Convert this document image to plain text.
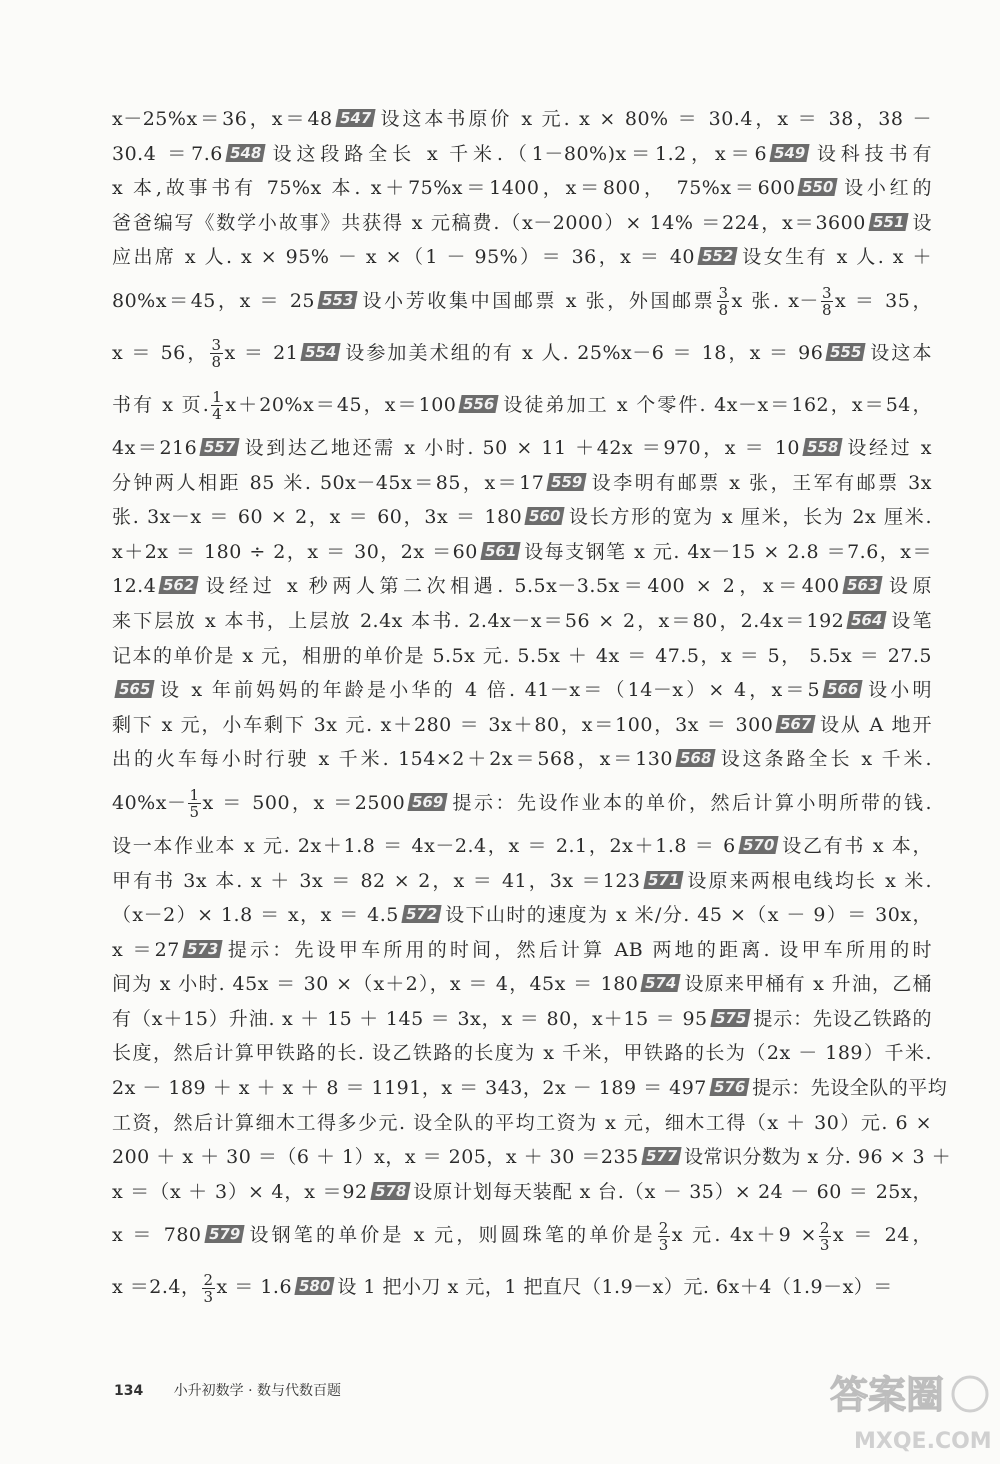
x－25%x＝36，x＝48 547 设这本书原价 x 元. x × 80% ＝ 30.4，x ＝ 38，38 －
30.4 ＝7.6 548 设这段路全长 x 千米.（1－80%)x＝1.2，x＝6 549 设科技书有
x 本,故事书有 75%x 本. x＋75%x＝1400，x＝800， 75%x＝600 550 设小红的
爸爸编写《数学小故事》共获得 x 元稿费.（x－2000）× 14% ＝224，x＝3600 551 设
应出席 x 人. x × 95% － x ×（1 － 95%）＝ 36，x ＝ 40 552 设女生有 x 人. x ＋
80%x＝45，x ＝ 25 553 设小芳收集中国邮票 x 张，外国邮票 $\frac{3}{8}$ x 张. $x- \frac{3}{8}$ x ＝ 35，
x ＝ 56， $\frac{3}{8}$ x ＝ 21 554 设参加美术组的有 x 人. 25%x－6 ＝ 18，x ＝ 96 555 设这本
书有 x 页. $\frac{1}{4} x+20\%x=45$，x＝100 556 设徒弟加工 x 个零件. 4x－x＝162，x＝54，
4x＝216 557 设到达乙地还需 x 小时. 50 × 11 ＋42x ＝970，x ＝ 10 558 设经过 x
分钟两人相距 85 米. 50x－45x＝85，x＝17 559 设李明有邮票 x 张，王军有邮票 3x
张. 3x－x ＝ 60 × 2，x ＝ 60，3x ＝ 180 560 设长方形的宽为 x 厘米，长为 2x 厘米.
x＋2x ＝ 180 ÷ 2，x ＝ 30，2x ＝60 561 设每支钢笔 x 元. 4x－15 × 2.8 ＝7.6，x＝
12.4 562 设经过 x 秒两人第二次相遇. 5.5x－3.5x＝400 × 2，x＝400 563 设原
来下层放 x 本书，上层放 2.4x 本书. 2.4x－x＝56 × 2，x＝80，2.4x＝192 564 设笔
记本的单价是 x 元，相册的单价是 5.5x 元. 5.5x ＋ 4x ＝ 47.5，x ＝ 5， 5.5x ＝ 27.5
565 设 x 年前妈妈的年龄是小华的 4 倍. 41－x＝（14－x）× 4，x＝5 566 设小明
剩下 x 元，小车剩下 3x 元. x＋280 ＝ 3x＋80，x＝100，3x ＝ 300 567 设从 A 地开
出的火车每小时行驶 x 千米. 154×2＋2x＝568，x＝130 568 设这条路全长 x 千米.
$40\%x- \frac{1}{5}$ x ＝ 500，x ＝2500 569 提示：先设作业本的单价，然后计算小明所带的钱.
设一本作业本 x 元. 2x＋1.8 ＝ 4x－2.4，x ＝ 2.1，2x＋1.8 ＝ 6 570 设乙有书 x 本，
甲有书 3x 本. x ＋ 3x ＝ 82 × 2，x ＝ 41，3x ＝123 571 设原来两根电线均长 x 米.
（x－2）× 1.8 ＝ x，x ＝ 4.5 572 设下山时的速度为 x 米/分. 45 ×（x － 9）＝ 30x，
x ＝27 573 提示：先设甲车所用的时间，然后计算 AB 两地的距离. 设甲车所用的时
间为 x 小时. 45x ＝ 30 ×（x＋2），x ＝ 4，45x ＝ 180 574 设原来甲桶有 x 升油，乙桶
有（x＋15）升油. x ＋ 15 ＋ 145 ＝ 3x，x ＝ 80，x＋15 ＝ 95 575 提示：先设乙铁路的
长度，然后计算甲铁路的长. 设乙铁路的长度为 x 千米，甲铁路的长为（2x － 189）千米.
2x － 189 ＋ x ＋ x ＋ 8 ＝ 1191，x ＝ 343，2x － 189 ＝ 497 576 提示：先设全队的平均
工资，然后计算细木工得多少元. 设全队的平均工资为 x 元，细木工得（x ＋ 30）元. 6 ×
200 ＋ x ＋ 30 ＝（6 ＋ 1）x，x ＝ 205，x ＋ 30 ＝235 577 设常识分数为 x 分. 96 × 3 ＋
x ＝（x ＋ 3）× 4，x ＝92 578 设原计划每天装配 x 台.（x － 35）× 24 － 60 ＝ 25x，
x ＝ 780 579 设钢笔的单价是 x 元，则圆珠笔的单价是 $\frac{2}{3}$ x 元. $4x+9 \times \frac{2}{3}$ x ＝ 24，
x ＝2.4， $\frac{2}{3}$ x ＝ 1.6 580 设 1 把小刀 x 元，1 把直尺（1.9－x）元. 6x＋4（1.9－x）＝
134 小升初数学 · 数与代数百题	答案圈
MXQE.COM
